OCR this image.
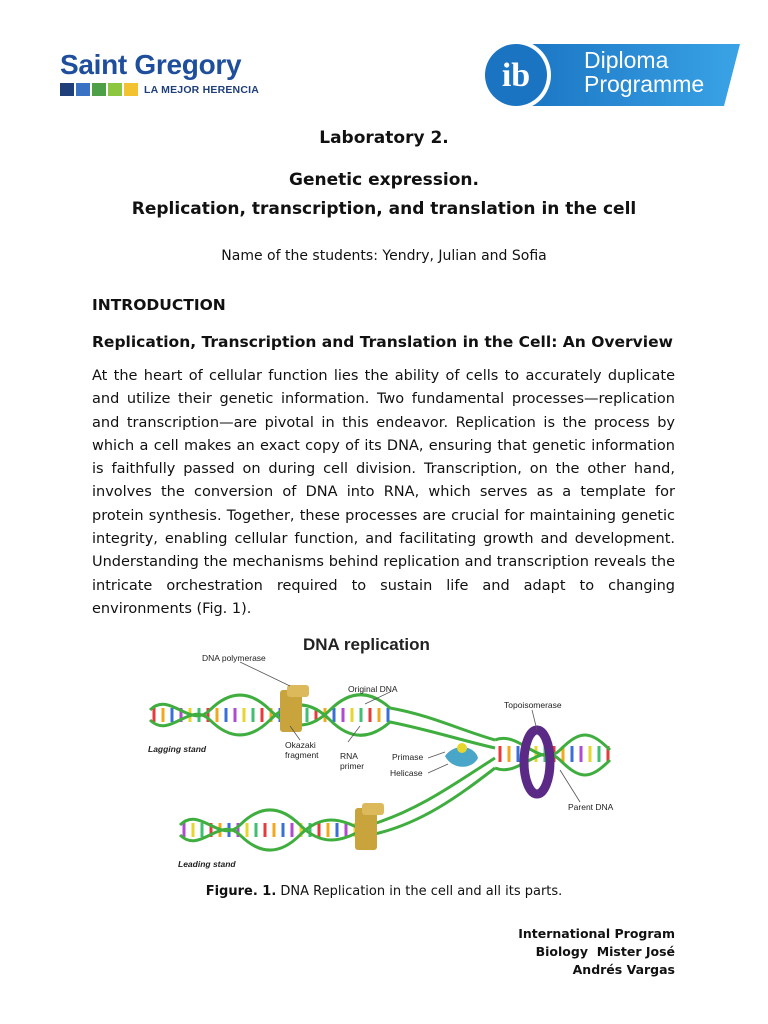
Saint Gregory
LA MEJOR HERENCIA	ib Diploma
Programme
Laboratory 2.
Genetic expression.
Replication, transcription, and translation in the cell
Name of the students: Yendry, Julian and Sofia
INTRODUCTION
Replication, Transcription and Translation in the Cell: An Overview

At the heart of cellular function lies the ability of cells to accurately duplicate and utilize their genetic information. Two fundamental processes—replication and transcription—are pivotal in this endeavor. Replication is the process by which a cell makes an exact copy of its DNA, ensuring that genetic information is faithfully passed on during cell division. Transcription, on the other hand, involves the conversion of DNA into RNA, which serves as a template for protein synthesis. Together, these processes are crucial for maintaining genetic integrity, enabling cellular function, and facilitating growth and development. Understanding the mechanisms behind replication and transcription reveals the intricate orchestration required to sustain life and adapt to changing environments (Fig. 1).

DNA replication
DNA polymerase
Original DNA
Topoisomerase
Lagging stand	Okazaki
fragment	RNA
primer
Primase
Helicase
Parent DNA
Leading stand
Figure. 1. DNA Replication in the cell and all its parts.
International Program
Biology  Mister José
Andrés Vargas
